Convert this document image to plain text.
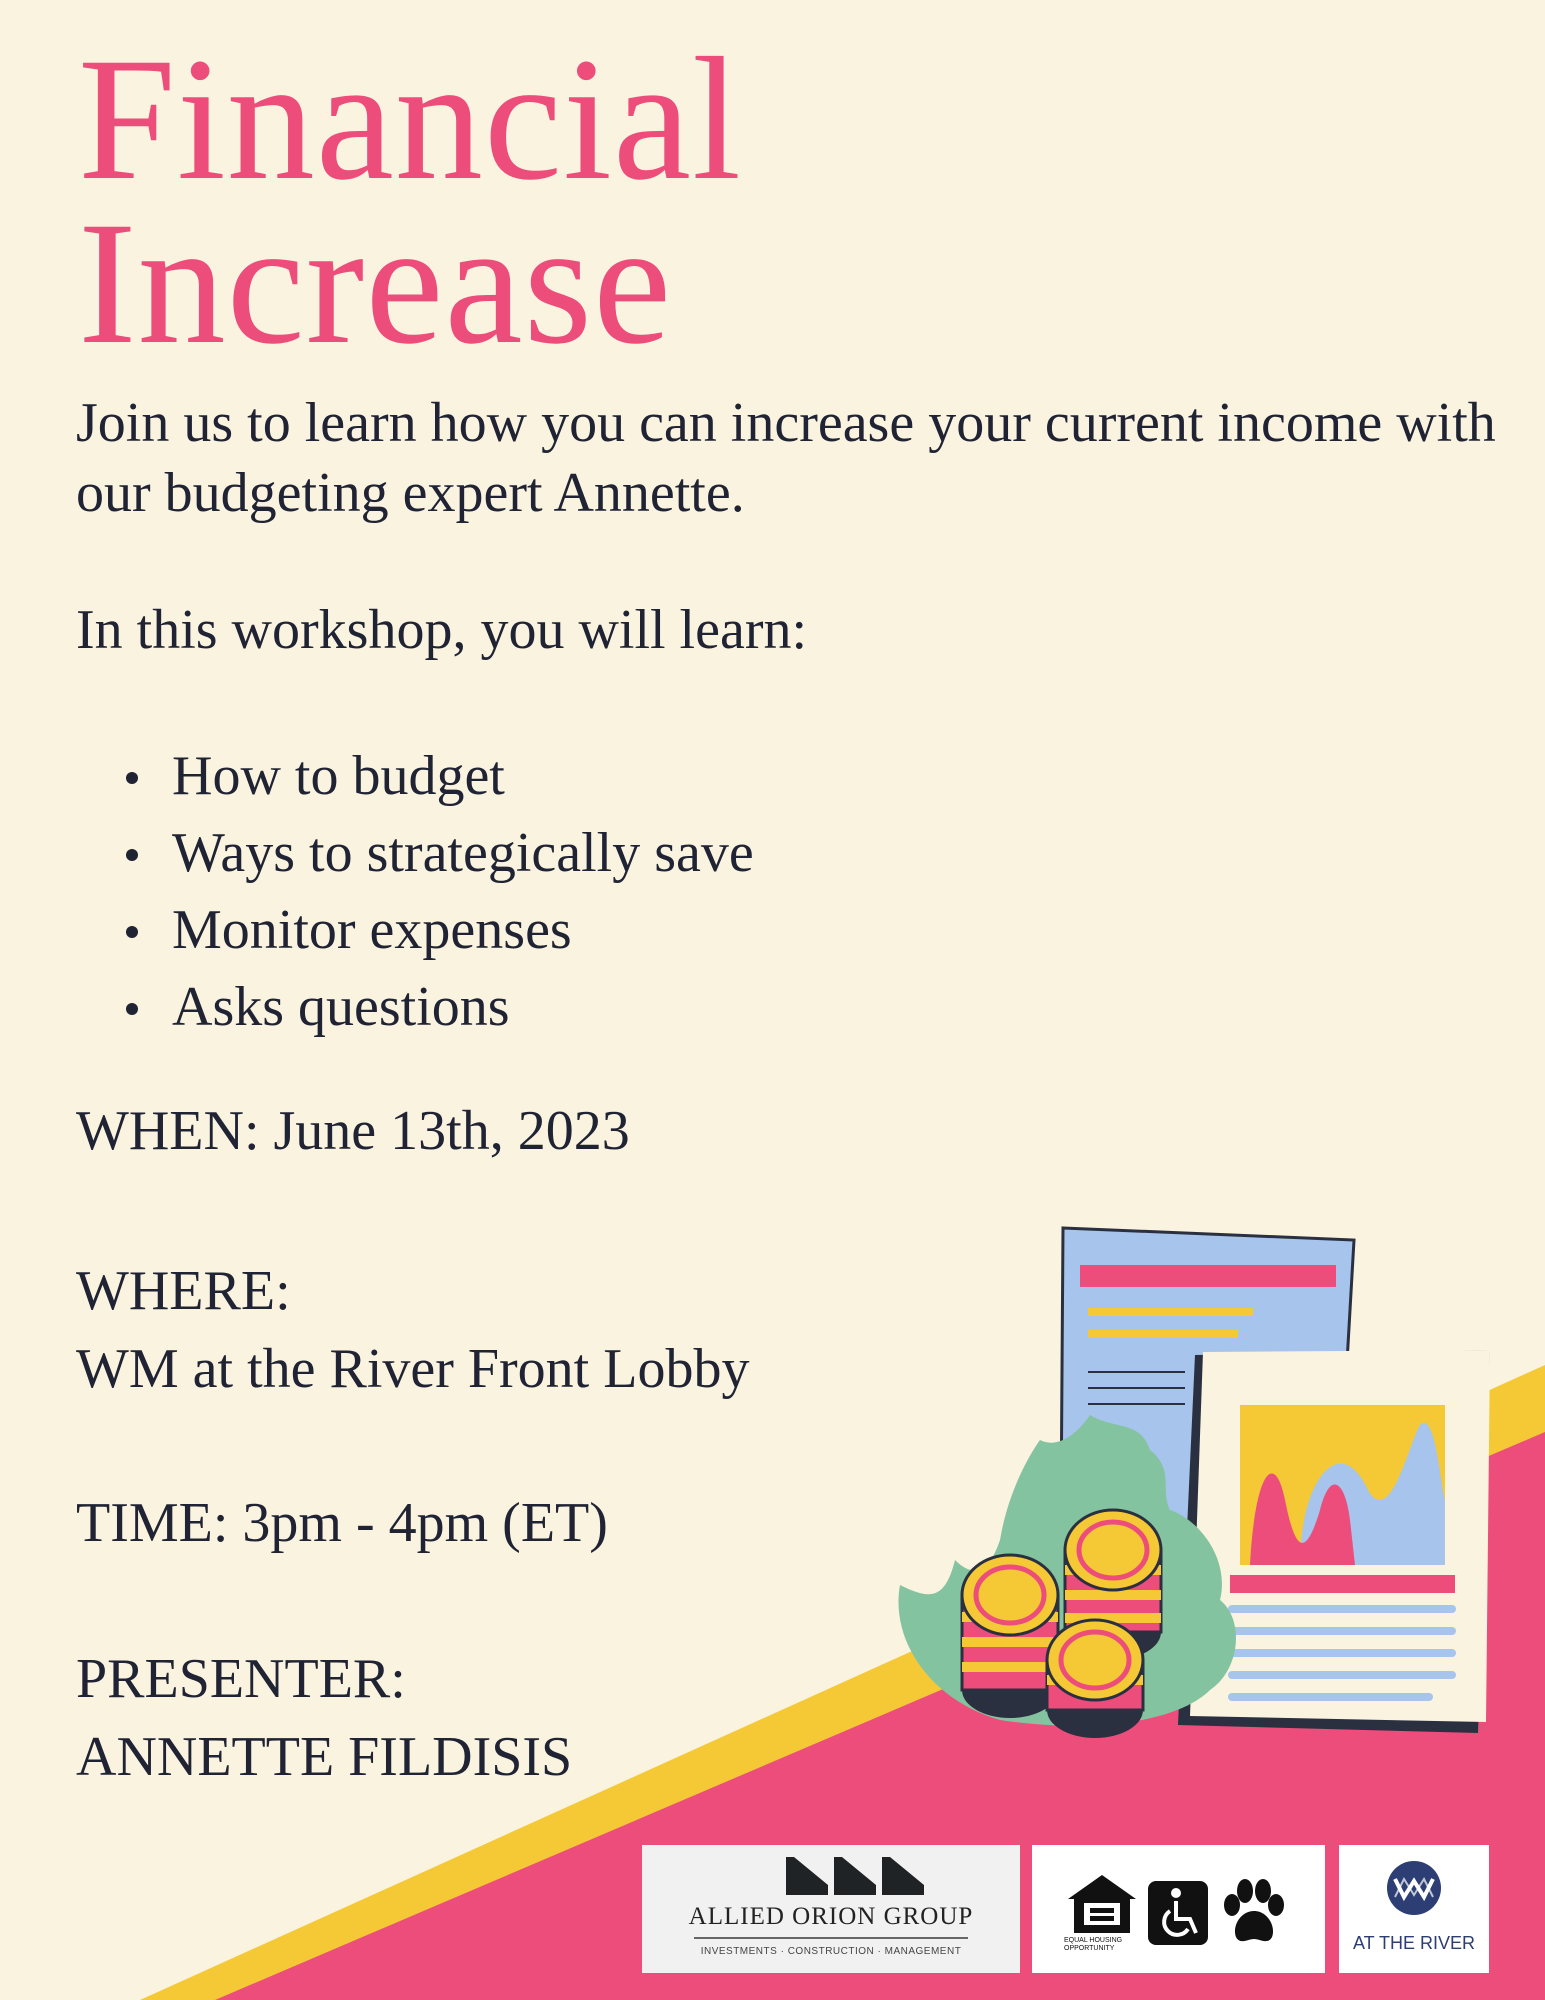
Financial
Increase

Join us to learn how you can increase your current income with our budgeting expert Annette.

In this workshop, you will learn:

How to budget
Ways to strategically save
Monitor expenses
Asks questions

WHEN: June 13th, 2023

WHERE:
WM at the River Front Lobby

TIME: 3pm - 4pm (ET)

PRESENTER:
ANNETTE FILDISIS

ALLIED ORION GROUP
INVESTMENTS · CONSTRUCTION · MANAGEMENT
EQUAL HOUSING OPPORTUNITY	AT THE RIVER
